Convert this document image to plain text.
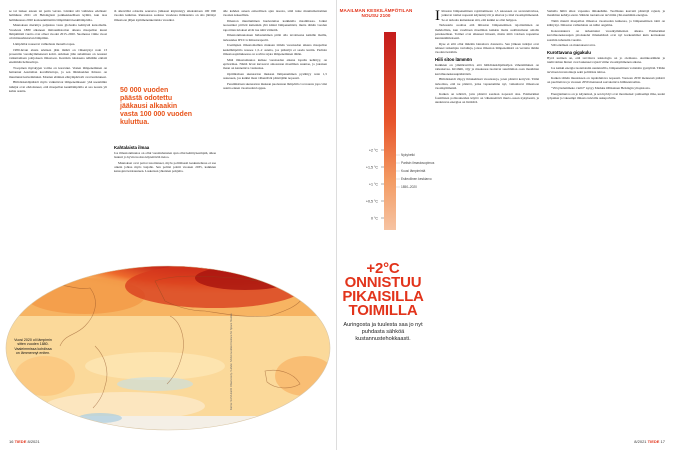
se tai laskee asteen tai parin verran. Läsäksi sää vaihtelee edelleen: helmikuu 2021 oli Helsingissä poikkeuksellisen kylmä, kun taas helmikuussa 2020 koskaanmitattiin lämpimintä keskilämpötila.

Muutoksen merkitys paljastuu vasta globaalia kehitystä katsomalla. Vuodesta 1880 alkaneen mittaushistorian aikana maapallon kuusi lämpimintä vuotta ovat olleet vuodet 2015–2020. Suomessa viime vuosi oli mittaushistorian lämpimin.

Lämpötilat nousevat vaihtelusta monella tapaa.

1980-luvun alusta arktisen jään määrä on vähentynyt noin 13 prosenttia vuosikymmenessä kohti. Arktisen jään sulaminen on noussut vaikuttamaan pohjoiseen ilmastoon. Kesäisin tuloksena nähdään entistä enemmän helleaaltoja.

Troopinen myrskyjen voima on kasvanut. Vesien lämpeneminen on haitannut Australian koralliriuttoja, ja sen lähialueiden ilmasto on muuttunut kuivemmaksi. Monien eläinten elinympäristöt ovat kutistuneet.

Hiilidioksidipäästöt myös vaikuttavat lämpenemiseen: yhä useammin tutkijat ovat ehdottaneet, että maapallon keskilämpötila ei saa nousta yli kahta astetta.

tä aikavälisi odotettu seuraava jääkausi käynnistyy aikaisintaan 100 000 vuoden kuluttua. Runsaassa aadassa vuodessa ihmisteista on siis jättänyt ilmastoon jäljen kymmenenkertaisia vuosiksi.

50 000 vuoden päästä odotettu jääkausi alkaakin vasta 100 000 vuoden kuluttua.
Kahtalaista ilmaa

Jos ilmastonmuutos on ollut vuosituhansien ajan ollut kehittyneempää, alkaa laskuri jo hyvin tuottaa käytettävää tietoa.

Muutokset ovat patroi tasoittaneet, myös poliittisesti keskustelussa ei saa oikein johtaa myös laajalle. Sen poliisi pohtii vuoteen 2035, kaikkien kansojen tietoisuuteen. Lasketaan yhteisten pohjalta.

alle kahden asteen esiteollisen ajan tasosta, siitä tulee muuttumattomien vuosien kokeellista.

Ilmaston muuttuminen huolestuttaa kaikkialla maailmassa. Jotkut teoreetikot pitävät kuitenkin yhä kiinni lämpenemistä, mutta tämän vuoden raporttien tulokset eivät tue niitä väitteitä.

Ilmastonmuutoksen hidastaminen pitää olla tavoitteena kaikille maille, tarkastelee IPCC:n ilmastoraportti.

Useimpien ilmastomallien mukaan tämän vuosisadan aikana maapallon keskilämpötila nousee 1,5–2 astetta, jos päästöjä ei saada kuriin. Pariisin ilmastosopimuksessa on sovittu rajata lämpeneminen tähän.

Mitä ilmastomuutos kulkee vuosisadan aikana lopulta kehittyy, on epävarmaa. Nämä luvut kuvaavat ainoastaan maailman suuntaa, ja jokaisen maan on kannettava vastuunsa.

Optimistisen skenaarion mukaan lämpeneminen pysähtyy noin 1,5 asteeseen, jos kaikki maat vähentävät päästöjään nopeasti.

Pessimistisen skenaarion mukaan puolestaan lämpötila voi nousta jopa viisi astetta ennen vuosisadan loppua.

Vuosi 2020 oli lämpimin sitten vuoden 1880. Vaaleimmissa kohdissa on lämmennyt eniten.	Kartta: NASA Earth Observatory / Lähde: NASA Goddard Institute for Space Studies
16 TIEDE 8/2021
MAAILMAN KESKILÄMPÖTILAN NOUSU 2100
+2 °C
+1,5 °C
+1 °C
+0,5 °C
0 °C
Nykyhetki
Pariisin ilmastosopimus
Kuusi lämpimintä
Esiteollinen keskiarvo
1850–2020
+2°C ONNISTUU PIKAISILLA TOIMILLA
Auringosta ja tuulesta saa jo nyt puhdasta sähköä kustannustehokkaasti.

Ilmaston lämpeneminen rajoittamiseen 1,5 asteeseen on saavutettavissa, jatkuvat toimet nopeasti käynnistyvät ja alkavat jo tänä vuosikymmenenä. Se ei tarkoita kuitenkaan sitä, että kaikki se olisi helppoa.

Tarkastelu osoittaa että ilmaston lämpenemisen rajoittaminen on mahdollista, kun vaaditaan maailman kaikkia maita osallistumaan omalla panoksellaan. Toimet ovat alkaneet hitaasti, mutta niitä voidaan nopeuttaa kunnianhimoisesti.

Ryse ei silti ollut mikään lainattava datanotta. Sen jälkeen tutkijat ovat tehneet tarkempia vertailuja, joissa ilmaston lämpenemistä on verrattu tämän vuoden tietoihin.

Hiili sitoo lämmön

Kaikkien on ymmärrettävä, että hiilidioksidipäästöjen vähentäminen on ratkaisevaa. Kivihiili, öljy ja maakaasu tuottavat suurimman osan maailman kasvihuonekaasupäästöistä.

Hiilidioksidi viipyy ilmakehässä vuosisatoja, joten päästöt kertyvät. Tämä tarkoittaa, että ne päästöt, jotka vapautamme nyt, vaikuttavat ilmastoon vuosikymmeniä.

Kaiken on tehtävä, jotta päästöt saadaan nopeasti alas. Esimerkiksi fossiilisten polttoaineiden käyttö on vähennettävä murto-osaan nykyisestä, ja uusiutuvaa energiaa on lisättävä.

Samalla hiiltä alkoi vapautua ilmakehään. Teollisuus kasvatti päästöjä rajusti, ja maailman kehitys eteni. Sähkön tuotantoon tarvittiin yhä enemmän energiaa.

Tämä muutti maapallon ilmastoa vuosisadan kuluessa, ja lämpenemisen tahti on kiihtynyt. Ilmaston vaihteluista on tullut ongelma.

Kokonaiskuva on tarkentunut vuosikymmenten aikana. Esimerkiksi kasvihuonekaasujen pitoisuudet ilmakehässä ovat nyt korkeammat kuin kertaakaan satoihin tuhansiin vuosiin.

Silti edelleen on muutoksen tarve.

Kurottavana gigakulu

Hyvä uutinen on, että tarvittava teknologia on jo olemassa. Aurinkosähkön ja tuulivoiman hinnat ovat laskeneet rajusti viime vuosikymmenen aikana.

Jos kaikki energia tuotettaisiin uusiutuvilla, lämpeneminen voitaisiin pysäyttää. Tähän tarvitaan investointeja sekä poliittista tahtoa.

Kaiken tämän muutoksen on tapahduttava nopeasti. Vuoteen 2030 mennessä päästöt on puolitettava ja vuoteen 2050 mennessä saavutettava hiilineutraalius.

"Viivyttelemmeko vielä?" kysyy Markku Ollikainen Helsingin yliopistosta.

Energiamurros on jo käynnissä, ja sen hyödyt ovat moninaiset: puhtaampi ilma, uudet työpaikat ja vakaampi ilmasto tuleville sukupolville.

8/2021 TIEDE 17
